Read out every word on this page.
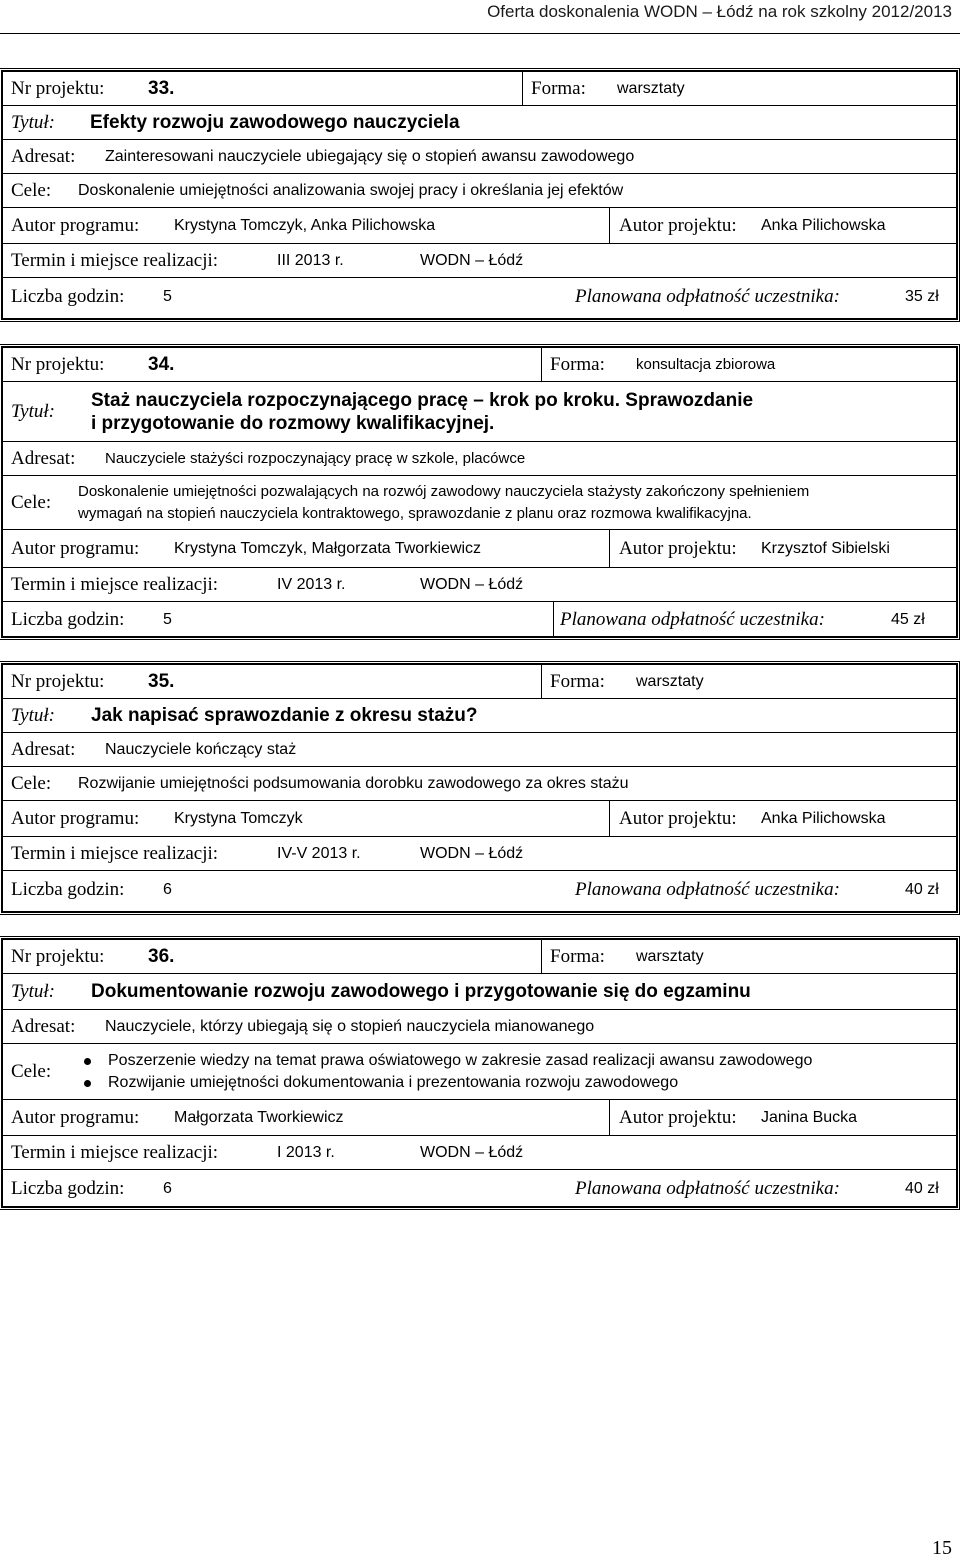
Oferta doskonalenia WODN – Łódź na rok szkolny 2012/2013
Nr projektu: 33.	Forma: warsztaty
Tytuł: Efekty rozwoju zawodowego nauczyciela
Adresat: Zainteresowani nauczyciele ubiegający się o stopień awansu zawodowego
Cele: Doskonalenie umiejętności analizowania swojej pracy i określania jej efektów
Autor programu: Krystyna Tomczyk, Anka Pilichowska	Autor projektu: Anka Pilichowska
Termin i miejsce realizacji:	III 2013 r.	WODN – Łódź
Liczba godzin: 5	Planowana odpłatność uczestnika:	35 zł
Nr projektu: 34.	Forma: konsultacja zbiorowa
Tytuł:
Staż nauczyciela rozpoczynającego pracę – krok po kroku. Sprawozdanie
i przygotowanie do rozmowy kwalifikacyjnej.
Adresat: Nauczyciele stażyści rozpoczynający pracę w szkole, placówce
Cele:
Doskonalenie umiejętności pozwalających na rozwój zawodowy nauczyciela stażysty zakończony spełnieniem
wymagań na stopień nauczyciela kontraktowego, sprawozdanie z planu oraz rozmowa kwalifikacyjna.
Autor programu: Krystyna Tomczyk, Małgorzata Tworkiewicz	Autor projektu: Krzysztof Sibielski
Termin i miejsce realizacji:	IV 2013 r.	WODN – Łódź
Liczba godzin: 5	Planowana odpłatność uczestnika:	45 zł
Nr projektu: 35.	Forma: warsztaty
Tytuł: Jak napisać sprawozdanie z okresu stażu?
Adresat: Nauczyciele kończący staż
Cele: Rozwijanie umiejętności podsumowania dorobku zawodowego za okres stażu
Autor programu: Krystyna Tomczyk	Autor projektu: Anka Pilichowska
Termin i miejsce realizacji:	IV-V 2013 r.	WODN – Łódź
Liczba godzin: 6	Planowana odpłatność uczestnika:	40 zł
Nr projektu: 36.	Forma: warsztaty
Tytuł: Dokumentowanie rozwoju zawodowego i przygotowanie się do egzaminu
Adresat: Nauczyciele, którzy ubiegają się o stopień nauczyciela mianowanego
Cele:
Poszerzenie wiedzy na temat prawa oświatowego w zakresie zasad realizacji awansu zawodowego
Rozwijanie umiejętności dokumentowania i prezentowania rozwoju zawodowego
Autor programu: Małgorzata Tworkiewicz	Autor projektu: Janina Bucka
Termin i miejsce realizacji:	I 2013 r.	WODN – Łódź
Liczba godzin: 6	Planowana odpłatność uczestnika:	40 zł
15
